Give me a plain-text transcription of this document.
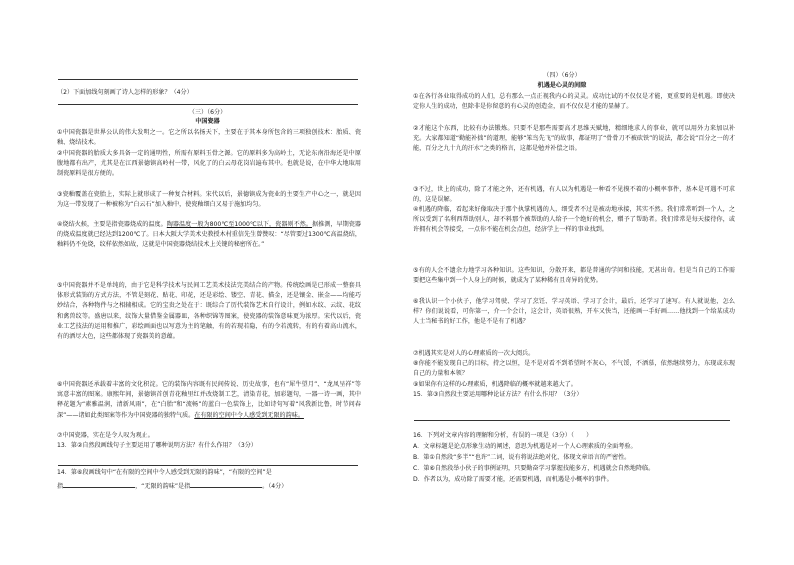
（2）下面加线句刻画了诗人怎样的形象？（4分）

（三）（6分）

中国瓷器

①中国瓷器是世界公认的伟大发明之一。它之所以名扬天下，主要在于其本身所包含的三项独创技术：胎质、瓷釉、烧结技术。

②中国瓷器的胎质大多具备一定的通明性，所需有原料玉骨之源。它的原料多为高岭土，无论东南沿海还是中原腹地都有出产，尤其是在江西景德镇高岭村一带，风化了的白云母花岗岩遍布其中。也就是说，在中华大地取用制瓷原料是很方便的。

③瓷釉覆盖在瓷胎上，实际上就形成了一种复合材料。宋代以后，景德镇成为瓷业的主要生产中心之一，就是因为这一带发现了一种被称为“白云石”加入釉中，使瓷釉细白又易于施加均匀。

④烧结火候，主要是指瓷器烧成的温度。陶器温度一般为800℃至1000℃以下，瓷器则不然。据推测，早期瓷器的烧成温度就已经达到1200℃了。日本大阪大学美术史教授木村重信先生曾赞叹：“尽管要过1300℃高温烧结，釉料仍不免烧，纹样依然如故，这就是中国瓷器烧结技术上关键的秘密所在。”

⑤中国瓷器并不是单纯的，由于它是科学技术与民间工艺美术技法完美结合的产物。传统绘画是已形成一整套具体形式装饰的方式方法，不管是刻花、贴花、印花，还是彩绘、镂空、青花、描金，还是镶金、嵌金——均能巧妙结合，各种物件与之相辅相成。它的宝贵之处在于：既综合了历代装饰艺术自行设计，例如水纹、云纹、花纹和禽兽纹等。盛唐以来，纹饰大量借鉴金属器皿，各种织锦等图案，使瓷器的装饰意味更为浓厚。宋代以后，瓷业工艺技法的运用和推广，彩绘画面也以写意为主的笔触，有的若现若隐，有的令若流转，有的有着高山流水，有的洒尽大色，这些都体现了瓷器美的意蕴。

⑥中国瓷器还承载着丰富的文化积淀。它的装饰内容既有民间传说、历史故事，也有“犀牛望月”、“龙凤呈祥”等寓意丰富的图案。康熙年间，景德镇首创青花釉里红并改烧制工艺，清染青花，加彩题句，一器一诗一画，其中释花题为“素雅温润，清新风雨”，在“白胎”和“流畅”的蓝白一色装饰上，比如诗句写着“风我新比鲁，时节问春深”——诸如此类图案等作为中国瓷器的独特气质。在有限的空间中令人感受到无限的韵味。

⑦中国瓷器，实在是令人叹为观止。

13．第②自然段画线句子主要运用了哪种说明方法？有什么作用？（3分）

14．第⑥段画线句中“在有限的空间中令人感受到无限的韵味”，“有限的空间”是

指	，“无限的韵味”是指	。（4分）

（四）（6分）

机遇是心灵的间隙

①在各行各业取得成功的人们，总有那么一点正视我内心的灵灵。成功比试的不仅仅是才能，更重要的是机遇。即使决定你人生的成功，但除非是你留意的有心灵的创造金，而不仅仅是才能的显赫了。

②才能这个东西，比较有办法锻炼。只要不是那些需要高才思维天赋地，精细地求人的事业，就可以用外力来加以补充。大家都知道“勤能补拙”的道理，能够“笨鸟先飞”的故事，都证明了“骨骨刀不被砍铁”的说法，都会说“百分之一的才能，百分之九十九的汗水”之类的格言，这都是勉并补偿之语。

③不过，世上的成功，除了才能之外，还有机遇，有人以为机遇是一种看不见摸不着的小概率事件，基本是可遇不可求的，这是误解。

④机遇的降临，看起来好像取决于那个执掌机遇的人，细受者不过是被动地承接，其实不然。我们常常听到一个人，之所以受到了名利西帮助别人，却不料那个被帮助的人给予一个绝好的机会，赠予了帮助者。我们常常是每天接待你，或许拥有机会等接受，一点你不能在机会点但，经济学上一样的事业找到。

⑤有的人会不遗余力地学习各种知识。这些知识，分散开来，都是普通的学问和技能，无甚出奇。但是当自己的工作需要把这些集中到一个人身上的时候，就成为了某种稀有且奇异的优势。

⑥我认识一个小伙子，他学习驾驶、学习了烹饪、学习英语、学习了会计，最后，还学习了速写。有人就说他，怎么样？你们说说看，可你第一，介一个会计，这会计，英语很熟，开车又快当，还能画一手好画……他找到一个给某成功人士当秘书的好工作，他是不是有了机遇？

⑦机遇其实是对人的心理素质的一次大阅兵。

⑧你能不能发现自己的目标，持之以恒，是不是对看不到希望时不灰心，不气馁，不洒慕，依然继续努力，东现或东现自己的力量和本领？

⑨如果你有这样的心理素质，机遇降临的概率就越来越大了。

15．第③自然段主要运用哪种论证方法？有什么作用？（3分）

16．下列对文章内容的理解和分析，有误的一项是（3分）（　　）

A．文章标题是论点形象生动的阐述，意思为机遇是对一个人心理素质的全面考验。

B．第①自然段“多半”“也许”二词，说有将说法绝对化，体现文章语言的严密性。

C．第⑥自然段举小伙子的事例证明，只要勤奋学习掌握技能多方，机遇就会自然地降临。

D．作者以为，成功除了需要才能，还需要机遇，而机遇是小概率的事件。
